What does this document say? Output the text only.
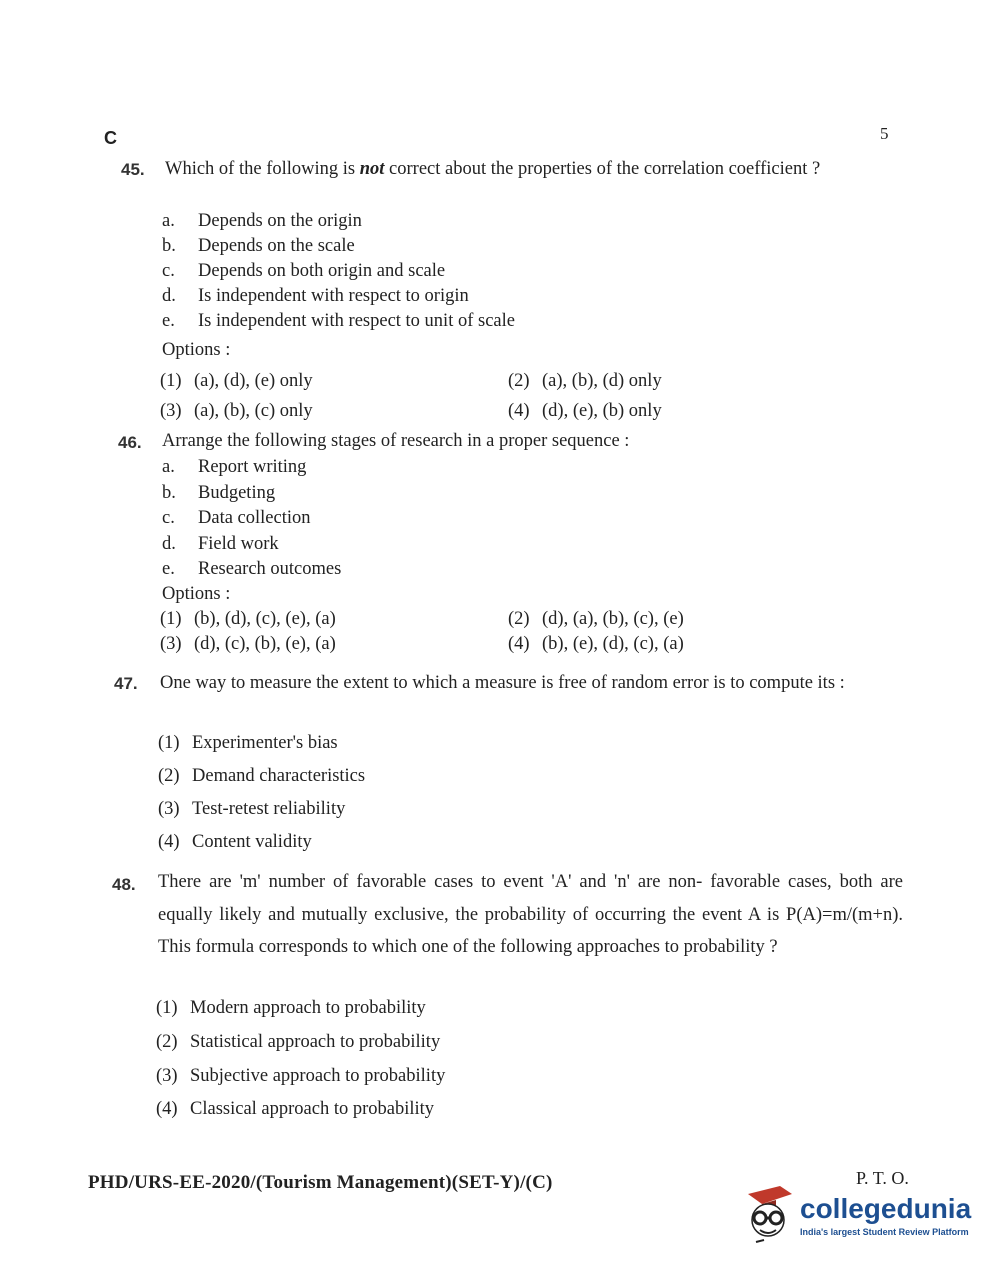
C	5
45. Which of the following is not correct about the properties of the correlation coefficient ?
a. Depends on the origin
b. Depends on the scale
c. Depends on both origin and scale
d. Is independent with respect to origin
e. Is independent with respect to unit of scale
Options :
(1) (a), (d), (e) only	(2) (a), (b), (d) only
(3) (a), (b), (c) only	(4) (d), (e), (b) only
46. Arrange the following stages of research in a proper sequence :
a. Report writing
b. Budgeting
c. Data collection
d. Field work
e. Research outcomes
Options :
(1) (b), (d), (c), (e), (a)	(2) (d), (a), (b), (c), (e)
(3) (d), (c), (b), (e), (a)	(4) (b), (e), (d), (c), (a)
47. One way to measure the extent to which a measure is free of random error is to compute its :
(1) Experimenter's bias
(2) Demand characteristics
(3) Test-retest reliability
(4) Content validity
48. There are 'm' number of favorable cases to event 'A' and 'n' are non- favorable cases, both are equally likely and mutually exclusive, the probability of occurring the event A is P(A)=m/(m+n). This formula corresponds to which one of the following approaches to probability ?
(1) Modern approach to probability
(2) Statistical approach to probability
(3) Subjective approach to probability
(4) Classical approach to probability
PHD/URS-EE-2020/(Tourism Management)(SET-Y)/(C)	P. T. O.
collegedunia
India's largest Student Review Platform
